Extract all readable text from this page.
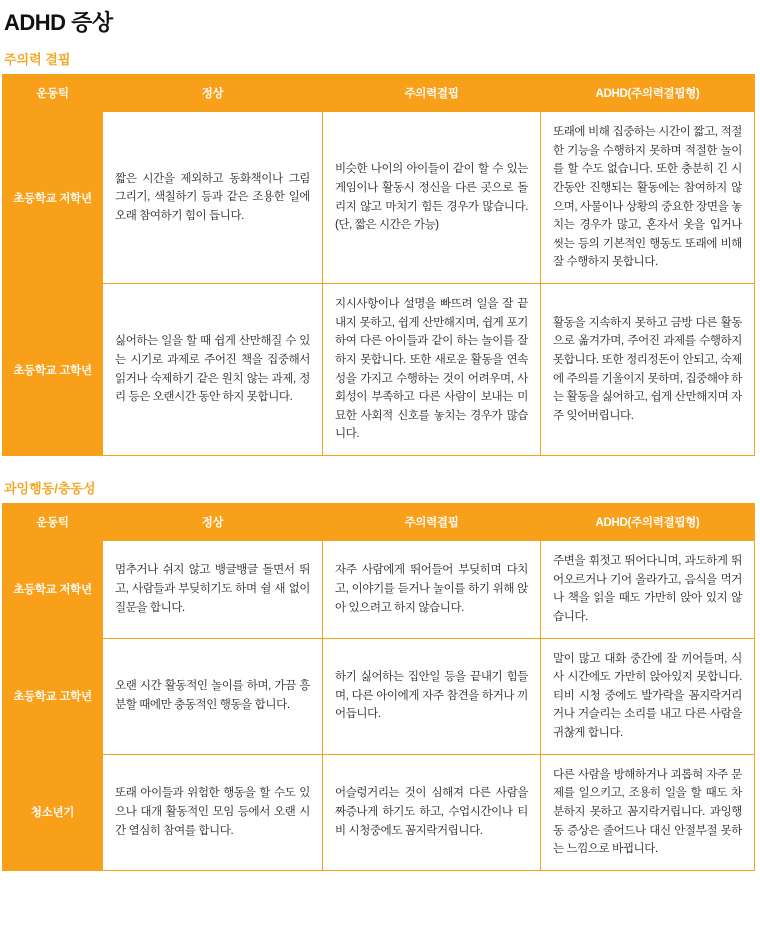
ADHD 증상
주의력 결핍
운동틱	정상	주의력결핍	ADHD(주의력결핍형)
초등학교 저학년	짧은 시간을 제외하고 동화책이나 그림 그리기, 색칠하기 등과 같은 조용한 일에 오래 참여하기 힘이 듭니다.	비슷한 나이의 아이들이 같이 할 수 있는 게임이나 활동시 정신을 다른 곳으로 돌리지 않고 마치기 힘든 경우가 많습니다. (단, 짧은 시간은 가능)	또래에 비해 집중하는 시간이 짧고, 적절한 기능을 수행하지 못하며 적절한 놀이를 할 수도 없습니다. 또한 충분히 긴 시간동안 진행되는 활동에는 참여하지 않으며, 사물이나 상황의 중요한 장면을 놓치는 경우가 많고, 혼자서 옷을 입거나 씻는 등의 기본적인 행동도 또래에 비해 잘 수행하지 못합니다.
초등학교 고학년	싫어하는 일을 할 때 쉽게 산만해질 수 있는 시기로 과제로 주어진 책을 집중해서 읽거나 숙제하기 같은 원치 않는 과제, 정리 등은 오랜시간 동안 하지 못합니다.	지시사항이나 설명을 빠뜨려 일을 잘 끝내지 못하고, 쉽게 산만해지며, 쉽게 포기하여 다른 아이들과 같이 하는 놀이를 잘 하지 못합니다. 또한 새로운 활동을 연속성을 가지고 수행하는 것이 어려우며, 사회성이 부족하고 다른 사람이 보내는 미묘한 사회적 신호를 놓치는 경우가 많습니다.	활동을 지속하지 못하고 금방 다른 활동으로 옮겨가며, 주어진 과제를 수행하지 못합니다. 또한 정리정돈이 안되고, 숙제에 주의를 기울이지 못하며, 집중해야 하는 활동을 싫어하고, 쉽게 산만해지며 자주 잊어버립니다.
과잉행동/충동성
운동틱	정상	주의력결핍	ADHD(주의력결핍형)
초등학교 저학년	멈추거나 쉬지 않고 뱅글뱅글 돌면서 뛰고, 사람들과 부딪히기도 하며 쉴 새 없이 질문을 합니다.	자주 사람에게 뛰어들어 부딪히며 다치고, 이야기를 듣거나 놀이를 하기 위해 앉아 있으려고 하지 않습니다.	주변을 휘젓고 뛰어다니며, 과도하게 뛰어오르거나 기어 올라가고, 음식을 먹거나 책을 읽을 때도 가만히 앉아 있지 않습니다.
초등학교 고학년	오랜 시간 활동적인 놀이를 하며, 가끔 흥분할 때에만 충동적인 행동을 합니다.	하기 싫어하는 집안일 등을 끝내기 힘들며, 다른 아이에게 자주 참견을 하거나 끼어듭니다.	말이 많고 대화 중간에 잘 끼어들며, 식사 시간에도 가만히 앉아있지 못합니다. 티비 시청 중에도 발가락을 꼼지락거리거나 거슬리는 소리를 내고 다른 사람을 귀찮게 합니다.
청소년기	또래 아이들과 위험한 행동을 할 수도 있으나 대개 활동적인 모임 등에서 오랜 시간 열심히 참여를 합니다.	어슬렁거리는 것이 심해져 다른 사람을 짜증나게 하기도 하고, 수업시간이나 티비 시청중에도 꼼지락거립니다.	다른 사람을 방해하거나 괴롭혀 자주 문제를 일으키고, 조용히 일을 할 때도 차분하지 못하고 꼼지락거립니다. 과잉행동 증상은 줄어드나 대신 안절부절 못하는 느낌으로 바뀝니다.
